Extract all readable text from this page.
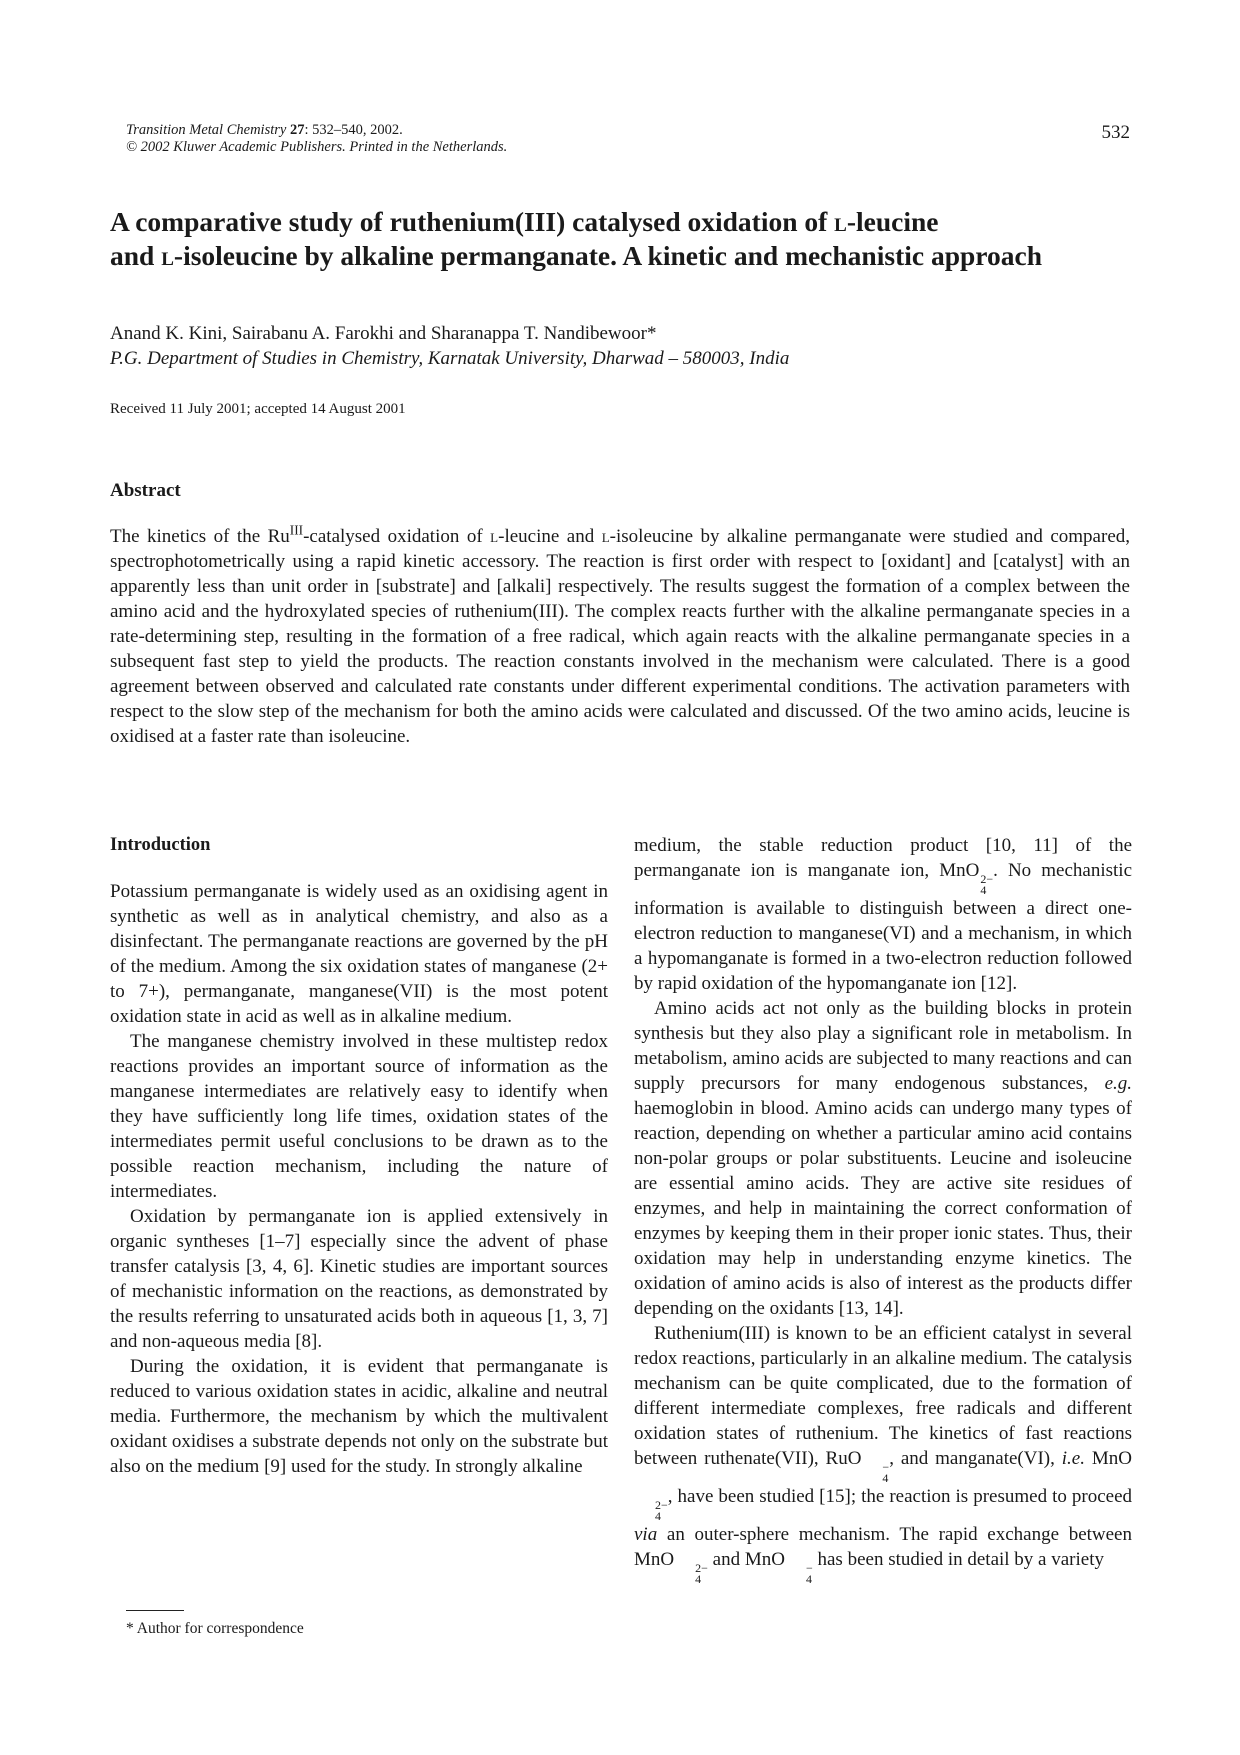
Transition Metal Chemistry 27: 532–540, 2002.
© 2002 Kluwer Academic Publishers. Printed in the Netherlands.
532
A comparative study of ruthenium(III) catalysed oxidation of l-leucine
and l-isoleucine by alkaline permanganate. A kinetic and mechanistic approach
Anand K. Kini, Sairabanu A. Farokhi and Sharanappa T. Nandibewoor*
P.G. Department of Studies in Chemistry, Karnatak University, Dharwad – 580003, India
Received 11 July 2001; accepted 14 August 2001
Abstract
The kinetics of the $Ru^{III}$-catalysed oxidation of l-leucine and l-isoleucine by alkaline permanganate were studied and compared, spectrophotometrically using a rapid kinetic accessory. The reaction is first order with respect to [oxidant] and [catalyst] with an apparently less than unit order in [substrate] and [alkali] respectively. The results suggest the formation of a complex between the amino acid and the hydroxylated species of ruthenium(III). The complex reacts further with the alkaline permanganate species in a rate-determining step, resulting in the formation of a free radical, which again reacts with the alkaline permanganate species in a subsequent fast step to yield the products. The reaction constants involved in the mechanism were calculated. There is a good agreement between observed and calculated rate constants under different experimental conditions. The activation parameters with respect to the slow step of the mechanism for both the amino acids were calculated and discussed. Of the two amino acids, leucine is oxidised at a faster rate than isoleucine.
Introduction

Potassium permanganate is widely used as an oxidising agent in synthetic as well as in analytical chemistry, and also as a disinfectant. The permanganate reactions are governed by the pH of the medium. Among the six oxidation states of manganese (2+ to 7+), permanganate, manganese(VII) is the most potent oxidation state in acid as well as in alkaline medium.

The manganese chemistry involved in these multistep redox reactions provides an important source of information as the manganese intermediates are relatively easy to identify when they have sufficiently long life times, oxidation states of the intermediates permit useful conclusions to be drawn as to the possible reaction mechanism, including the nature of intermediates.

Oxidation by permanganate ion is applied extensively in organic syntheses [1–7] especially since the advent of phase transfer catalysis [3, 4, 6]. Kinetic studies are important sources of mechanistic information on the reactions, as demonstrated by the results referring to unsaturated acids both in aqueous [1, 3, 7] and non-aqueous media [8].

During the oxidation, it is evident that permanganate is reduced to various oxidation states in acidic, alkaline and neutral media. Furthermore, the mechanism by which the multivalent oxidant oxidises a substrate depends not only on the substrate but also on the medium [9] used for the study. In strongly alkaline

medium, the stable reduction product [10, 11] of the permanganate ion is manganate ion, MnO 2−
4
. No mechanistic information is available to distinguish between a direct one-electron reduction to manganese(VI) and a mechanism, in which a hypomanganate is formed in a two-electron reduction followed by rapid oxidation of the hypomanganate ion [12].

Amino acids act not only as the building blocks in protein synthesis but they also play a significant role in metabolism. In metabolism, amino acids are subjected to many reactions and can supply precursors for many endogenous substances, e.g. haemoglobin in blood. Amino acids can undergo many types of reaction, depending on whether a particular amino acid contains non-polar groups or polar substituents. Leucine and isoleucine are essential amino acids. They are active site residues of enzymes, and help in maintaining the correct conformation of enzymes by keeping them in their proper ionic states. Thus, their oxidation may help in understanding enzyme kinetics. The oxidation of amino acids is also of interest as the products differ depending on the oxidants [13, 14].

Ruthenium(III) is known to be an efficient catalyst in several redox reactions, particularly in an alkaline medium. The catalysis mechanism can be quite complicated, due to the formation of different intermediate complexes, free radicals and different oxidation states of ruthenium. The kinetics of fast reactions between ruthenate(VII), RuO	−
4
, and manganate(VI), i.e. MnO
2−
4
, have been studied [15]; the reaction is presumed to proceed via an outer-sphere mechanism. The rapid exchange between MnO	2−
4
and MnO	−
4
has been studied in detail by a variety

* Author for correspondence
